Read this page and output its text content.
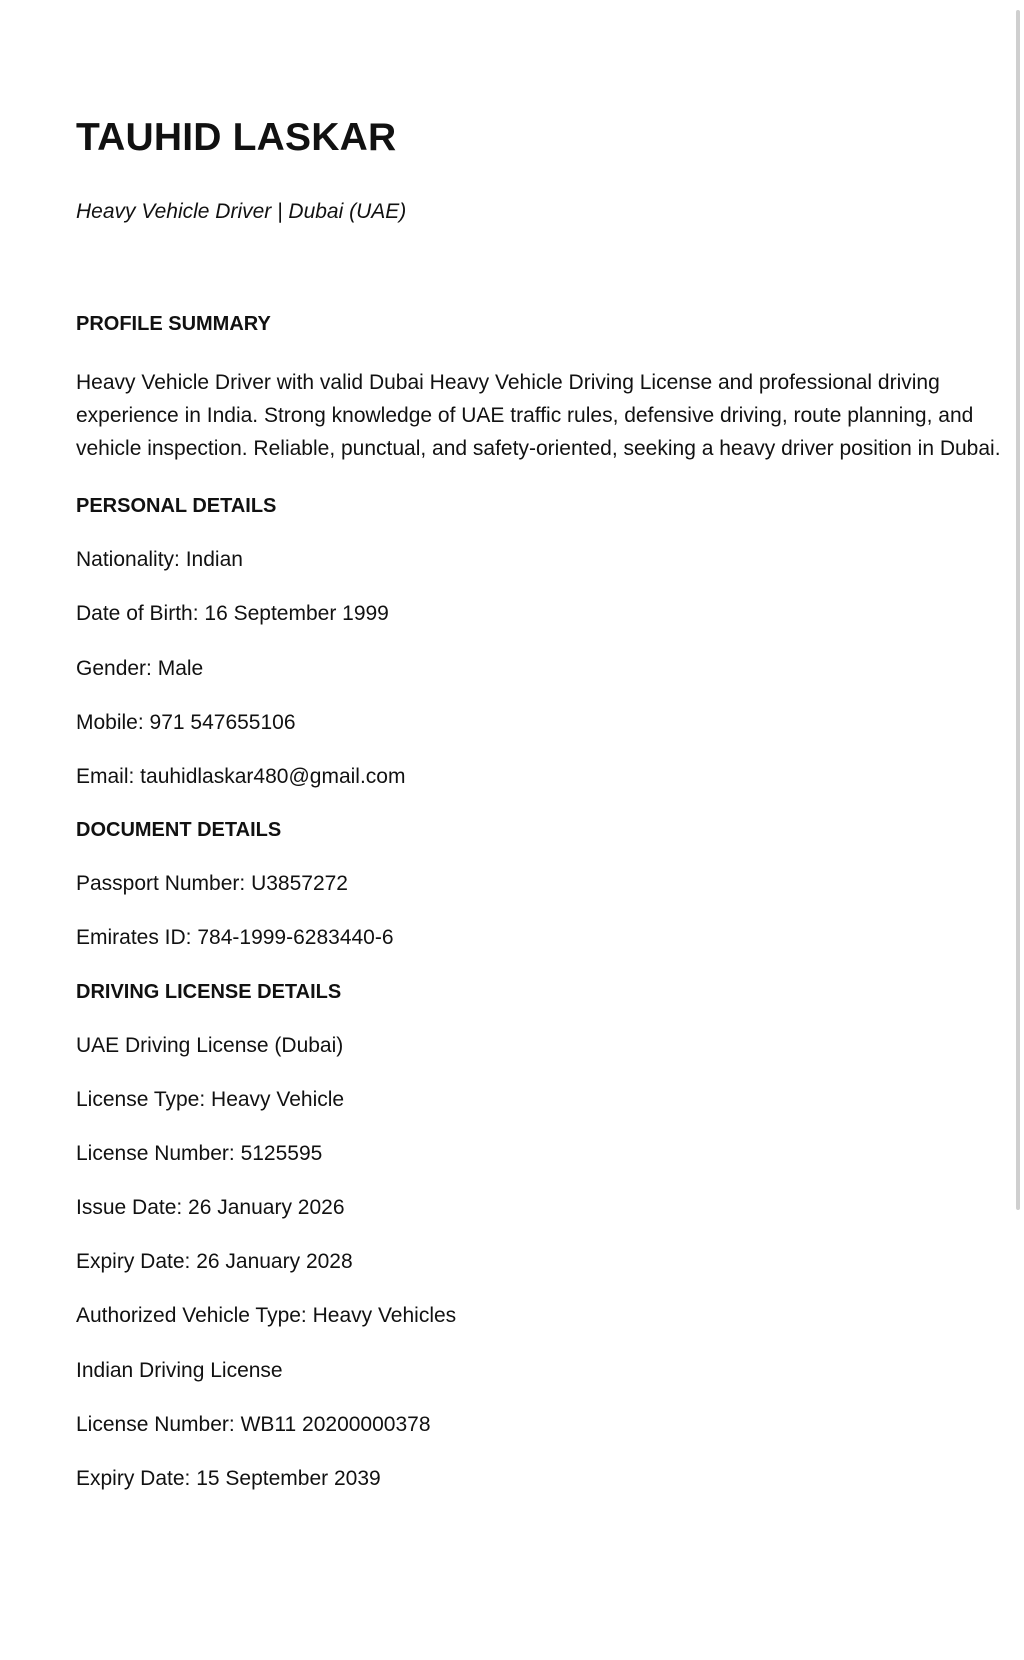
TAUHID LASKAR
Heavy Vehicle Driver | Dubai (UAE)
PROFILE SUMMARY
Heavy Vehicle Driver with valid Dubai Heavy Vehicle Driving License and professional driving experience in India. Strong knowledge of UAE traffic rules, defensive driving, route planning, and vehicle inspection. Reliable, punctual, and safety-oriented, seeking a heavy driver position in Dubai.
PERSONAL DETAILS
Nationality: Indian
Date of Birth: 16 September 1999
Gender: Male
Mobile: 971 547655106
Email: tauhidlaskar480@gmail.com
DOCUMENT DETAILS
Passport Number: U3857272
Emirates ID: 784-1999-6283440-6
DRIVING LICENSE DETAILS
UAE Driving License (Dubai)
License Type: Heavy Vehicle
License Number: 5125595
Issue Date: 26 January 2026
Expiry Date: 26 January 2028
Authorized Vehicle Type: Heavy Vehicles
Indian Driving License
License Number: WB11 20200000378
Expiry Date: 15 September 2039
